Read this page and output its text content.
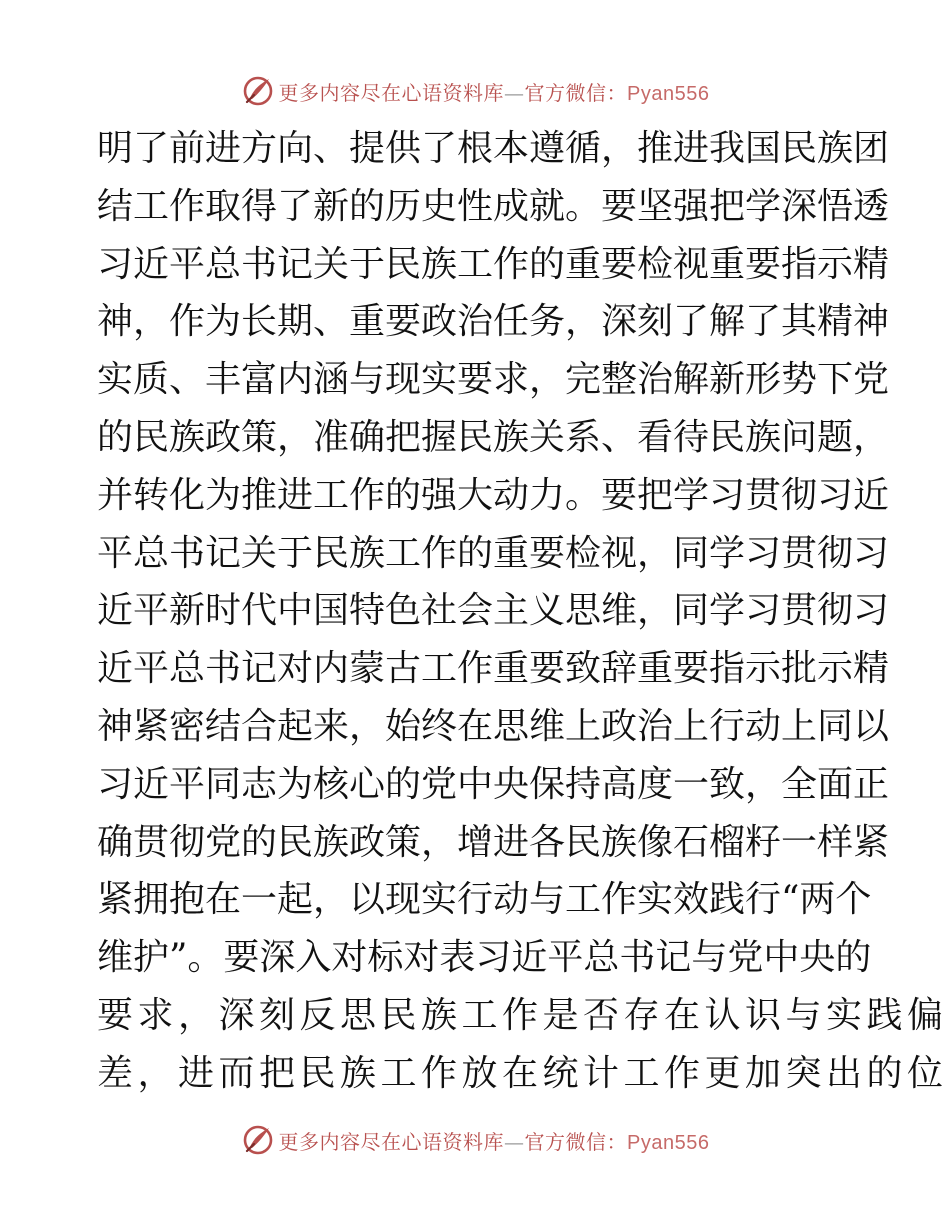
更多内容尽在心语资料库—官方微信：Pyan556
明了前进方向、提供了根本遵循，推进我国民族团
结工作取得了新的历史性成就。要坚强把学深悟透
习近平总书记关于民族工作的重要检视重要指示精
神，作为长期、重要政治任务，深刻了解了其精神
实质、丰富内涵与现实要求，完整治解新形势下党
的民族政策，准确把握民族关系、看待民族问题，
并转化为推进工作的强大动力。要把学习贯彻习近
平总书记关于民族工作的重要检视，同学习贯彻习
近平新时代中国特色社会主义思维，同学习贯彻习
近平总书记对内蒙古工作重要致辞重要指示批示精
神紧密结合起来，始终在思维上政治上行动上同以
习近平同志为核心的党中央保持高度一致，全面正
确贯彻党的民族政策，增进各民族像石榴籽一样紧
紧拥抱在一起，以现实行动与工作实效践行“两个
维护”。要深入对标对表习近平总书记与党中央的
要求，深刻反思民族工作是否存在认识与实践偏
差，进而把民族工作放在统计工作更加突出的位
更多内容尽在心语资料库—官方微信：Pyan556
